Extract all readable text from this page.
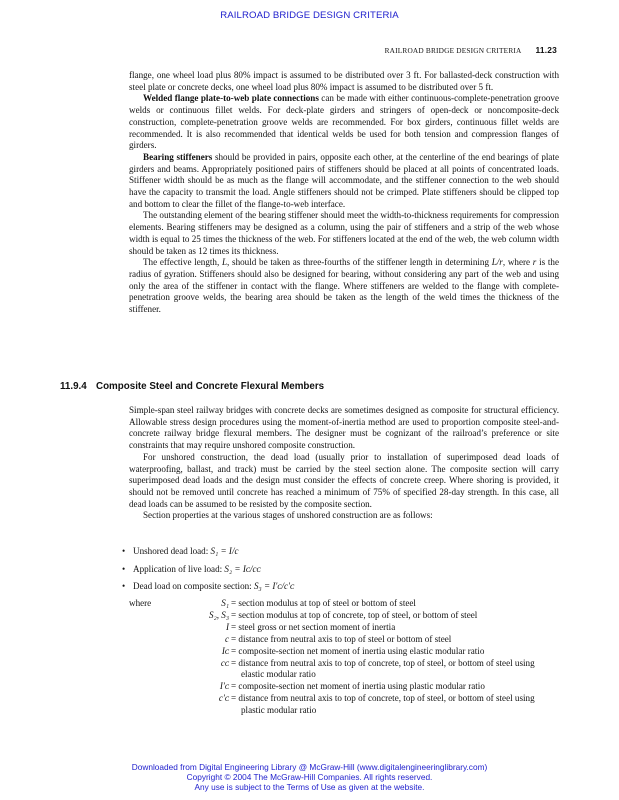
RAILROAD BRIDGE DESIGN CRITERIA
RAILROAD BRIDGE DESIGN CRITERIA 11.23

flange, one wheel load plus 80% impact is assumed to be distributed over 3 ft. For ballasted-deck construction with steel plate or concrete decks, one wheel load plus 80% impact is assumed to be distributed over 5 ft.

Welded flange plate-to-web plate connections can be made with either continuous-complete-penetration groove welds or continuous fillet welds. For deck-plate girders and stringers of open-deck or noncomposite-deck construction, complete-penetration groove welds are recommended. For box girders, continuous fillet welds are recommended. It is also recommended that identical welds be used for both tension and compression flanges of girders.

Bearing stiffeners should be provided in pairs, opposite each other, at the centerline of the end bearings of plate girders and beams. Appropriately positioned pairs of stiffeners should be placed at all points of concentrated loads. Stiffener width should be as much as the flange will accommodate, and the stiffener connection to the web should have the capacity to transmit the load. Angle stiffeners should not be crimped. Plate stiffeners should be clipped top and bottom to clear the fillet of the flange-to-web interface.

The outstanding element of the bearing stiffener should meet the width-to-thickness requirements for compression elements. Bearing stiffeners may be designed as a column, using the pair of stiffeners and a strip of the web whose width is equal to 25 times the thickness of the web. For stiffeners located at the end of the web, the web column width should be taken as 12 times its thickness.

The effective length, L, should be taken as three-fourths of the stiffener length in determining L/r, where r is the radius of gyration. Stiffeners should also be designed for bearing, without considering any part of the web and using only the area of the stiffener in contact with the flange. Where stiffeners are welded to the flange with complete-penetration groove welds, the bearing area should be taken as the length of the weld times the thickness of the stiffener.

11.9.4 Composite Steel and Concrete Flexural Members

Simple-span steel railway bridges with concrete decks are sometimes designed as composite for structural efficiency. Allowable stress design procedures using the moment-of-inertia method are used to proportion composite steel-and-concrete railway bridge flexural members. The designer must be cognizant of the railroad’s preference or site constraints that may require unshored composite construction.

For unshored construction, the dead load (usually prior to installation of superimposed dead loads of waterproofing, ballast, and track) must be carried by the steel section alone. The composite section will carry superimposed dead loads and the design must consider the effects of concrete creep. Where shoring is provided, it should not be removed until concrete has reached a minimum of 75% of specified 28-day strength. In this case, all dead loads can be assumed to be resisted by the composite section.

Section properties at the various stages of unshored construction are as follows:

• Unshored dead load: S₁ = I/c
• Application of live load: S₂ = Iᴄ/cᴄ
• Dead load on composite section: S₃ = I′ᴄ/c′ᴄ
where	S₁ = section modulus at top of steel or bottom of steel
S₂, S₃ = section modulus at top of concrete, top of steel, or bottom of steel
I = steel gross or net section moment of inertia
c = distance from neutral axis to top of steel or bottom of steel
Iᴄ = composite-section net moment of inertia using elastic modular ratio
cᴄ = distance from neutral axis to top of concrete, top of steel, or bottom of steel using
elastic modular ratio
I′ᴄ = composite-section net moment of inertia using plastic modular ratio
c′ᴄ = distance from neutral axis to top of concrete, top of steel, or bottom of steel using
plastic modular ratio
Downloaded from Digital Engineering Library @ McGraw-Hill (www.digitalengineeringlibrary.com)
Copyright © 2004 The McGraw-Hill Companies. All rights reserved.
Any use is subject to the Terms of Use as given at the website.
